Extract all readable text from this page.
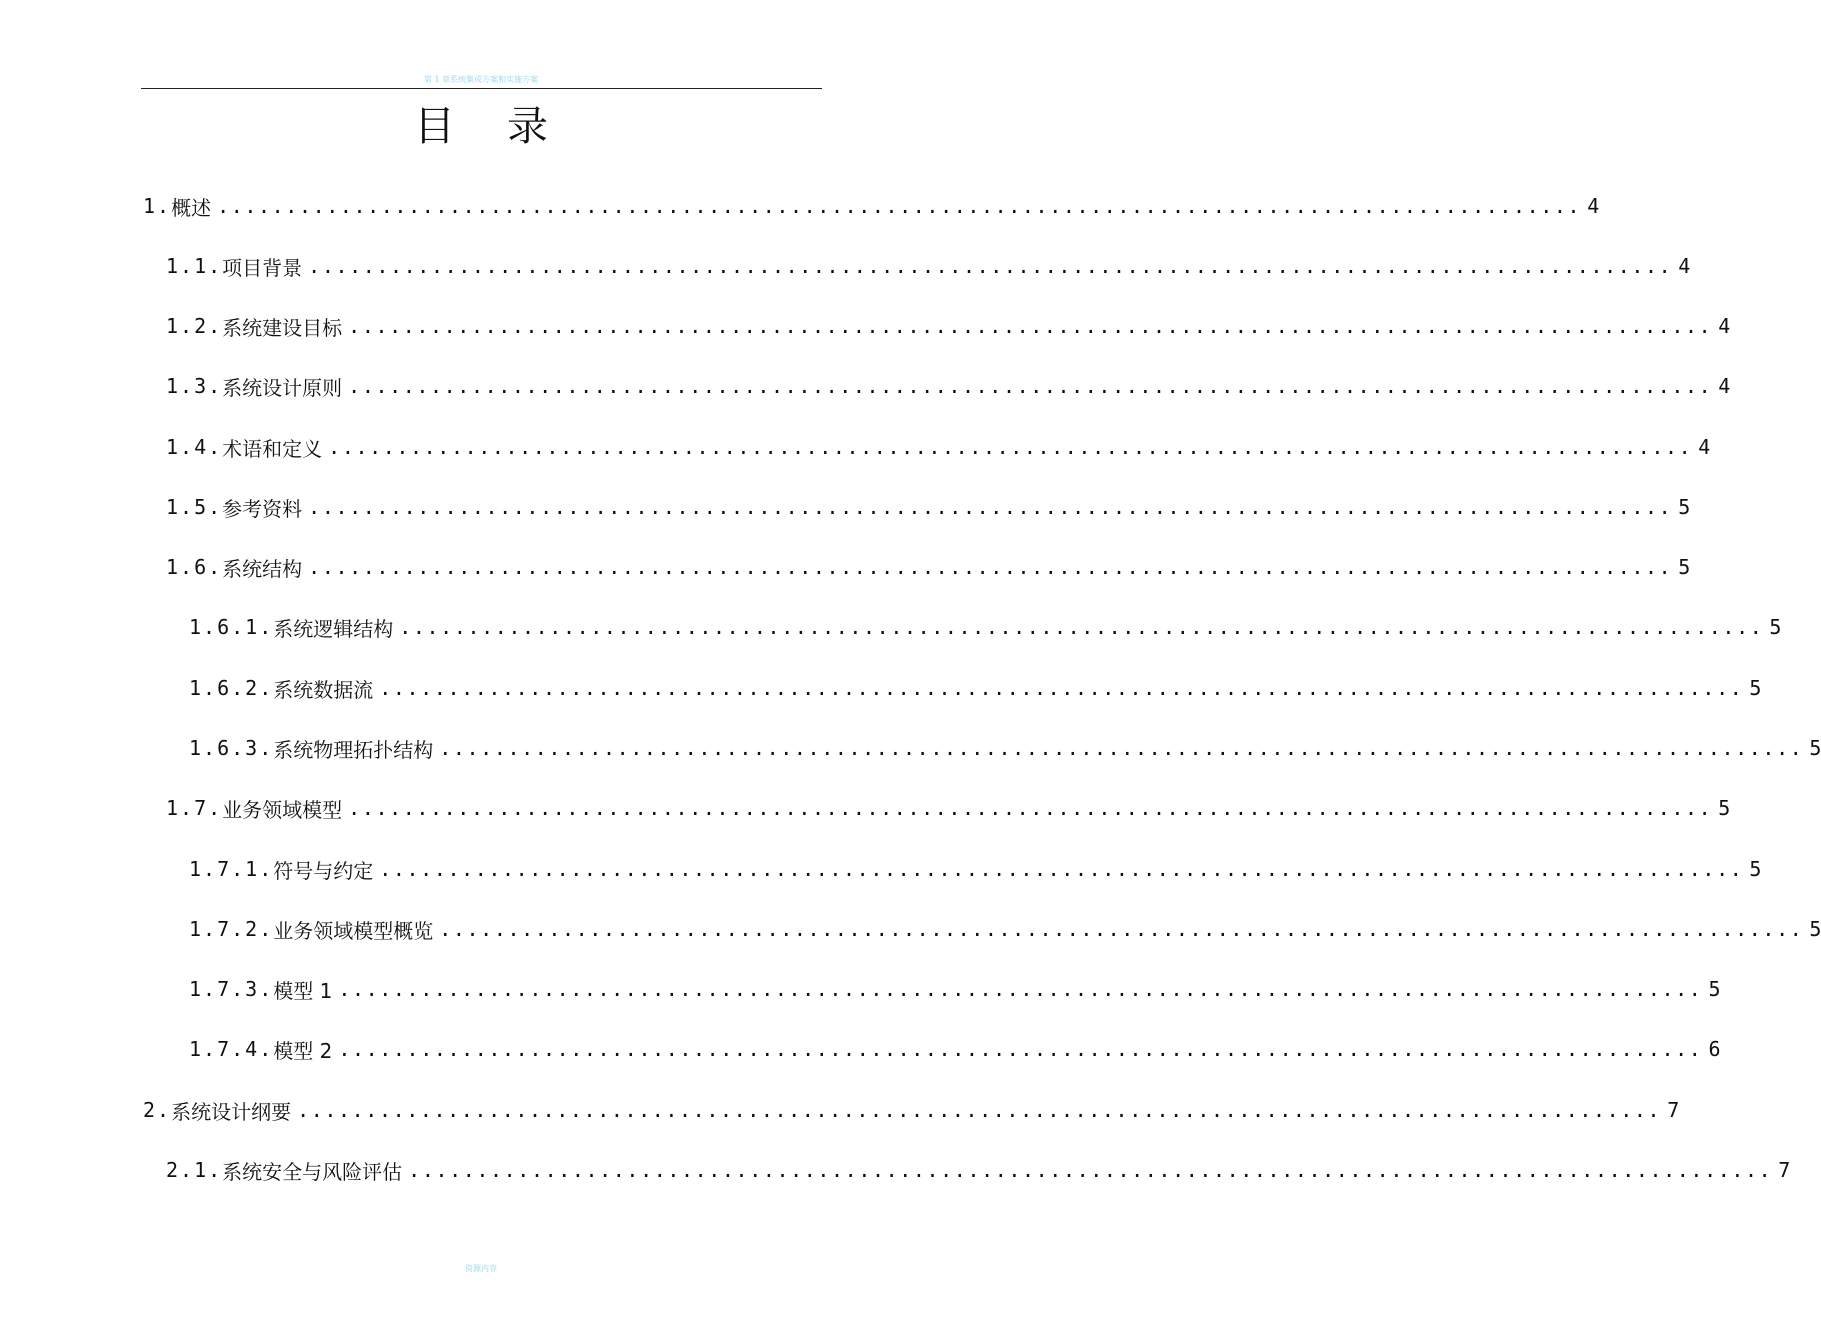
第 1 章系统集成方案和实施方案
目 录
1. 概述 .................................................................................................... 4
1.1. 项目背景 .................................................................................................... 4
1.2. 系统建设目标 .................................................................................................... 4
1.3. 系统设计原则 .................................................................................................... 4
1.4. 术语和定义 .................................................................................................... 4
1.5. 参考资料 .................................................................................................... 5
1.6. 系统结构 .................................................................................................... 5
1.6.1. 系统逻辑结构 .................................................................................................... 5
1.6.2. 系统数据流 .................................................................................................... 5
1.6.3. 系统物理拓扑结构 .................................................................................................... 5
1.7. 业务领域模型 .................................................................................................... 5
1.7.1. 符号与约定 .................................................................................................... 5
1.7.2. 业务领域模型概览 .................................................................................................... 5
1.7.3. 模型 1 .................................................................................................... 5
1.7.4. 模型 2 .................................................................................................... 6
2. 系统设计纲要 .................................................................................................... 7
2.1. 系统安全与风险评估 .................................................................................................... 7
资源内容
